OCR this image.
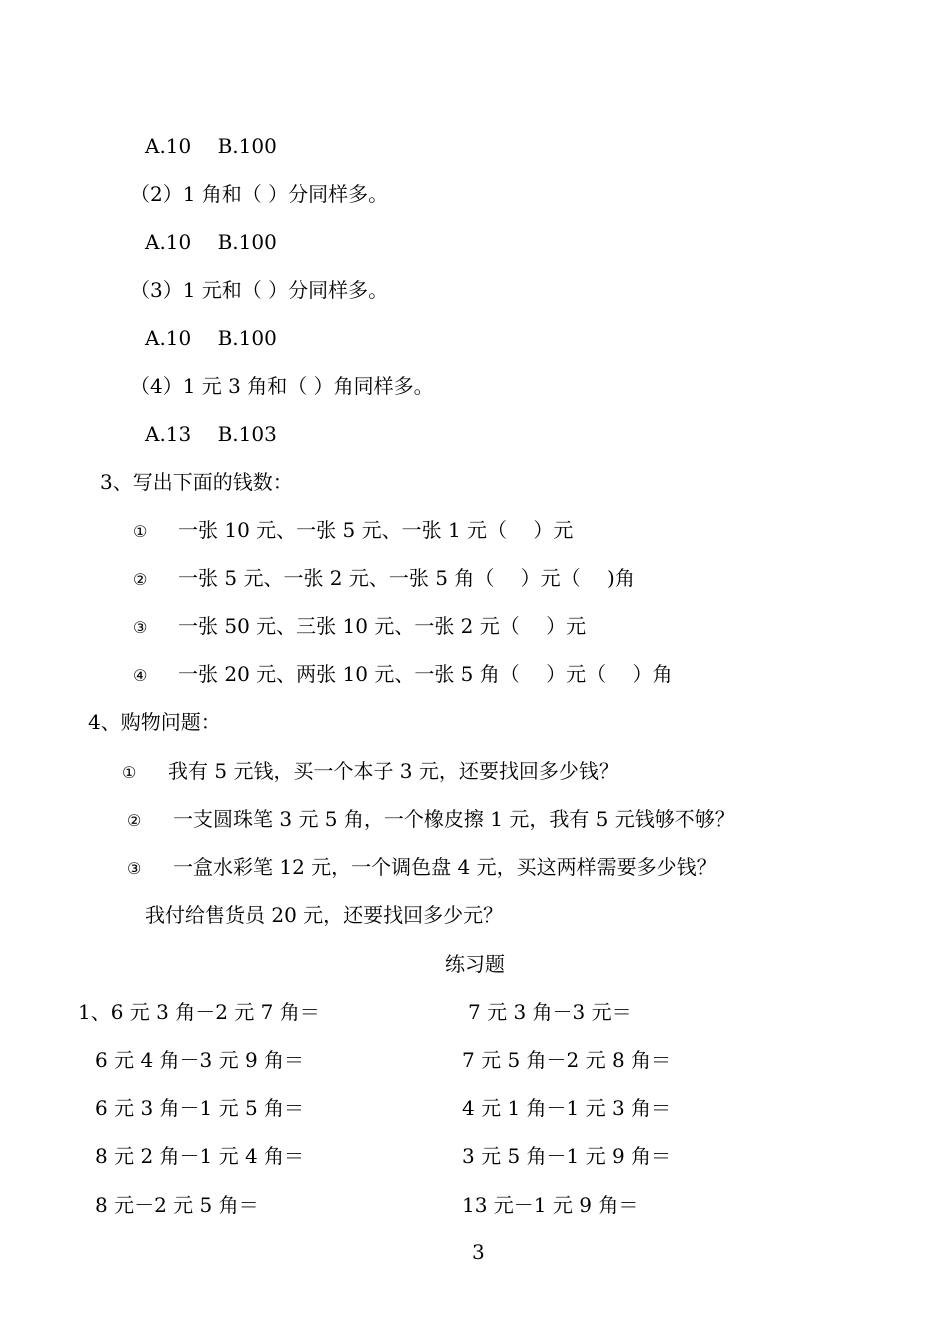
A.10　 B.100
（2）1 角和（ ）分同样多。
A.10　 B.100
（3）1 元和（ ）分同样多。
A.10　 B.100
（4）1 元 3 角和（ ）角同样多。
A.13　 B.103
3、写出下面的钱数：
① 一张 10 元、一张 5 元、一张 1 元（　 ）元
② 一张 5 元、一张 2 元、一张 5 角（　 ）元（　 )角
③ 一张 50 元、三张 10 元、一张 2 元（　 ）元
④ 一张 20 元、两张 10 元、一张 5 角（　 ）元（　 ）角
4、购物问题：
① 我有 5 元钱，买一个本子 3 元，还要找回多少钱？
② 一支圆珠笔 3 元 5 角，一个橡皮擦 1 元，我有 5 元钱够不够？
③ 一盒水彩笔 12 元，一个调色盘 4 元，买这两样需要多少钱？
我付给售货员 20 元，还要找回多少元？
练习题
1、6 元 3 角－2 元 7 角＝
6 元 4 角－3 元 9 角＝
6 元 3 角－1 元 5 角＝
8 元 2 角－1 元 4 角＝
8 元－2 元 5 角＝
7 元 3 角－3 元＝
7 元 5 角－2 元 8 角＝
4 元 1 角－1 元 3 角＝
3 元 5 角－1 元 9 角＝
13 元－1 元 9 角＝
3
